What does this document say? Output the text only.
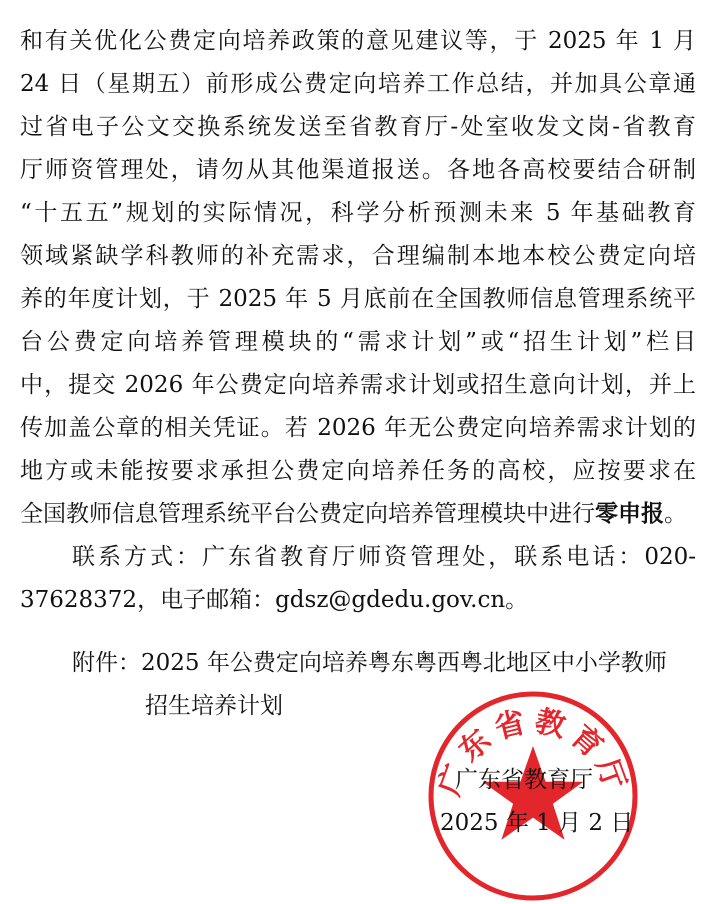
和有关优化公费定向培养政策的意见建议等，于 2025 年 1 月
24 日（星期五）前形成公费定向培养工作总结，并加具公章通
过省电子公文交换系统发送至省教育厅-处室收发文岗-省教育
厅师资管理处，请勿从其他渠道报送。各地各高校要结合研制
“十五五”规划的实际情况，科学分析预测未来 5 年基础教育
领域紧缺学科教师的补充需求，合理编制本地本校公费定向培
养的年度计划，于 2025 年 5 月底前在全国教师信息管理系统平
台公费定向培养管理模块的“需求计划”或“招生计划”栏目
中，提交 2026 年公费定向培养需求计划或招生意向计划，并上
传加盖公章的相关凭证。若 2026 年无公费定向培养需求计划的
地方或未能按要求承担公费定向培养任务的高校，应按要求在
全国教师信息管理系统平台公费定向培养管理模块中进行零申报。
联系方式：广东省教育厅师资管理处，联系电话：020-
37628372，电子邮箱：gdsz@gdedu.gov.cn。
附件：2025 年公费定向培养粤东粤西粤北地区中小学教师
招生培养计划
广东省教育厅
广东省教育厅
2025 年 1 月 2 日
